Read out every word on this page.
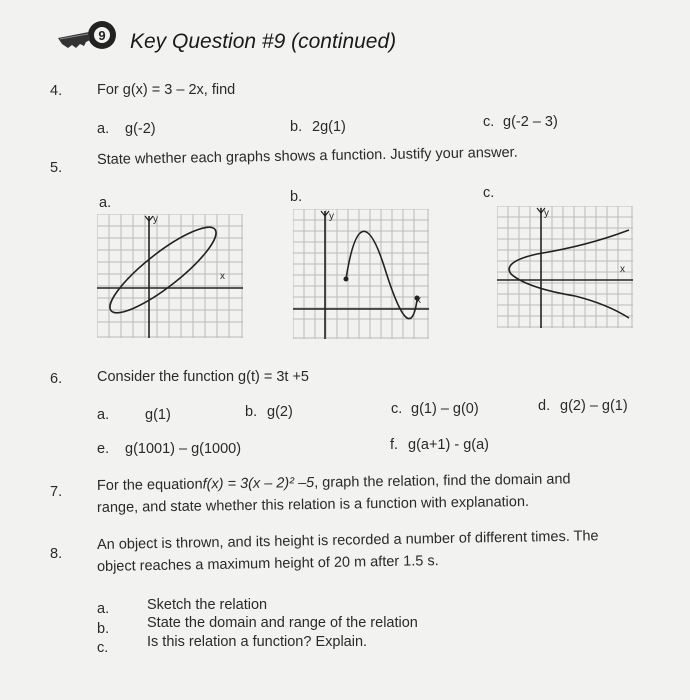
9 Key Question #9 (continued)
4. For g(x) = 3 – 2x, find
a. g(-2)	b. 2g(1)	c. g(-2 – 3)
5.
State whether each graphs shows a function. Justify your answer.
a.	b.	c.
y
x
y
x
y
x
6. Consider the function g(t) = 3t +5
a. g(1)	b. g(2)	c. g(1) – g(0)	d. g(2) – g(1)
e. g(1001) – g(1000)	f. g(a+1) - g(a)
7. For the equationf(x) = 3(x – 2)² –5, graph the relation, find the domain and
range, and state whether this relation is a function with explanation.
8.
An object is thrown, and its height is recorded a number of different times. The
object reaches a maximum height of 20 m after 1.5 s.
a.	Sketch the relation
b.	State the domain and range of the relation
c.	Is this relation a function? Explain.
